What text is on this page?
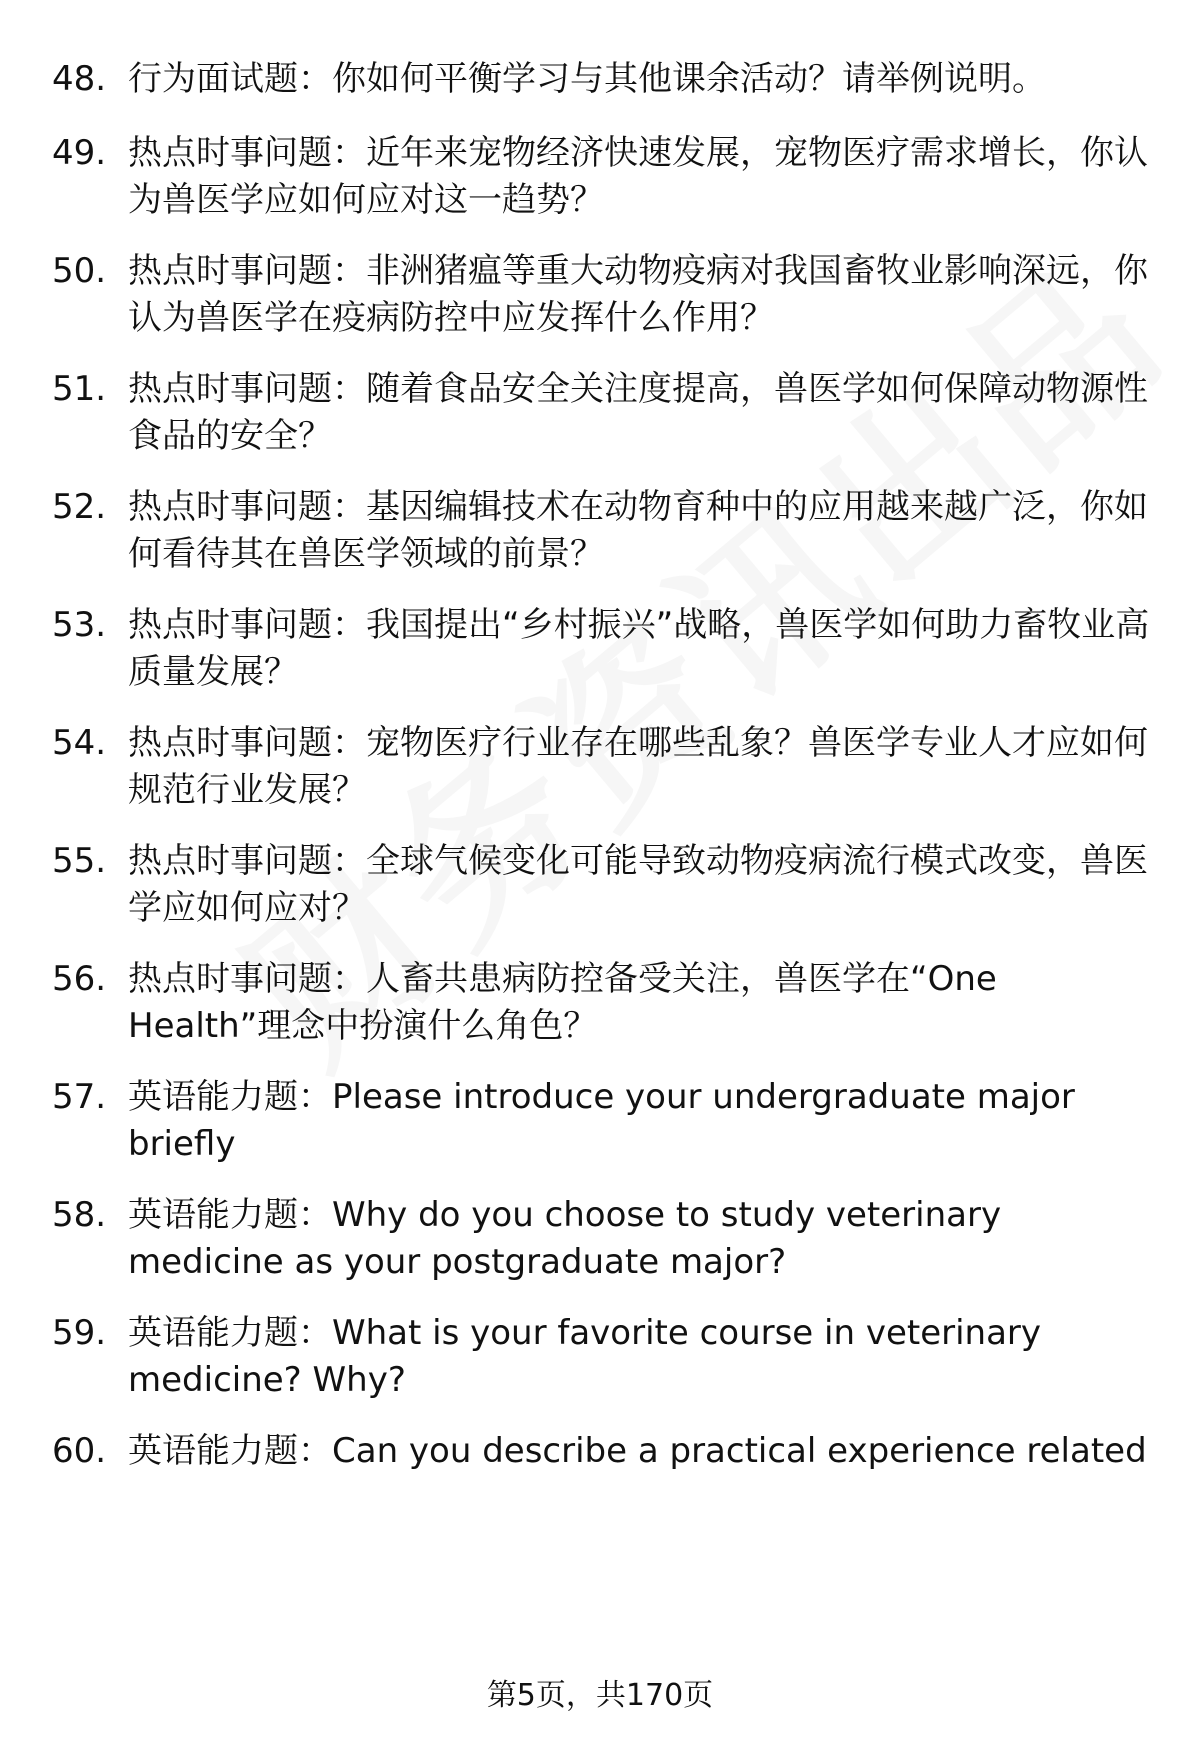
48. 行为面试题：你如何平衡学习与其他课余活动？请举例说明。
49. 热点时事问题：近年来宠物经济快速发展，宠物医疗需求增长，你认为兽医学应如何应对这一趋势？
50. 热点时事问题：非洲猪瘟等重大动物疫病对我国畜牧业影响深远，你认为兽医学在疫病防控中应发挥什么作用？
51. 热点时事问题：随着食品安全关注度提高，兽医学如何保障动物源性食品的安全？
52. 热点时事问题：基因编辑技术在动物育种中的应用越来越广泛，你如何看待其在兽医学领域的前景？
53. 热点时事问题：我国提出“乡村振兴”战略，兽医学如何助力畜牧业高质量发展？
54. 热点时事问题：宠物医疗行业存在哪些乱象？兽医学专业人才应如何规范行业发展？
55. 热点时事问题：全球气候变化可能导致动物疫病流行模式改变，兽医学应如何应对？
56. 热点时事问题：人畜共患病防控备受关注，兽医学在“One Health”理念中扮演什么角色？
57. 英语能力题：Please introduce your undergraduate major briefly
58. 英语能力题：Why do you choose to study veterinary medicine as your postgraduate major?
59. 英语能力题：What is your favorite course in veterinary medicine? Why?
60. 英语能力题：Can you describe a practical experience related
第5页，共170页
